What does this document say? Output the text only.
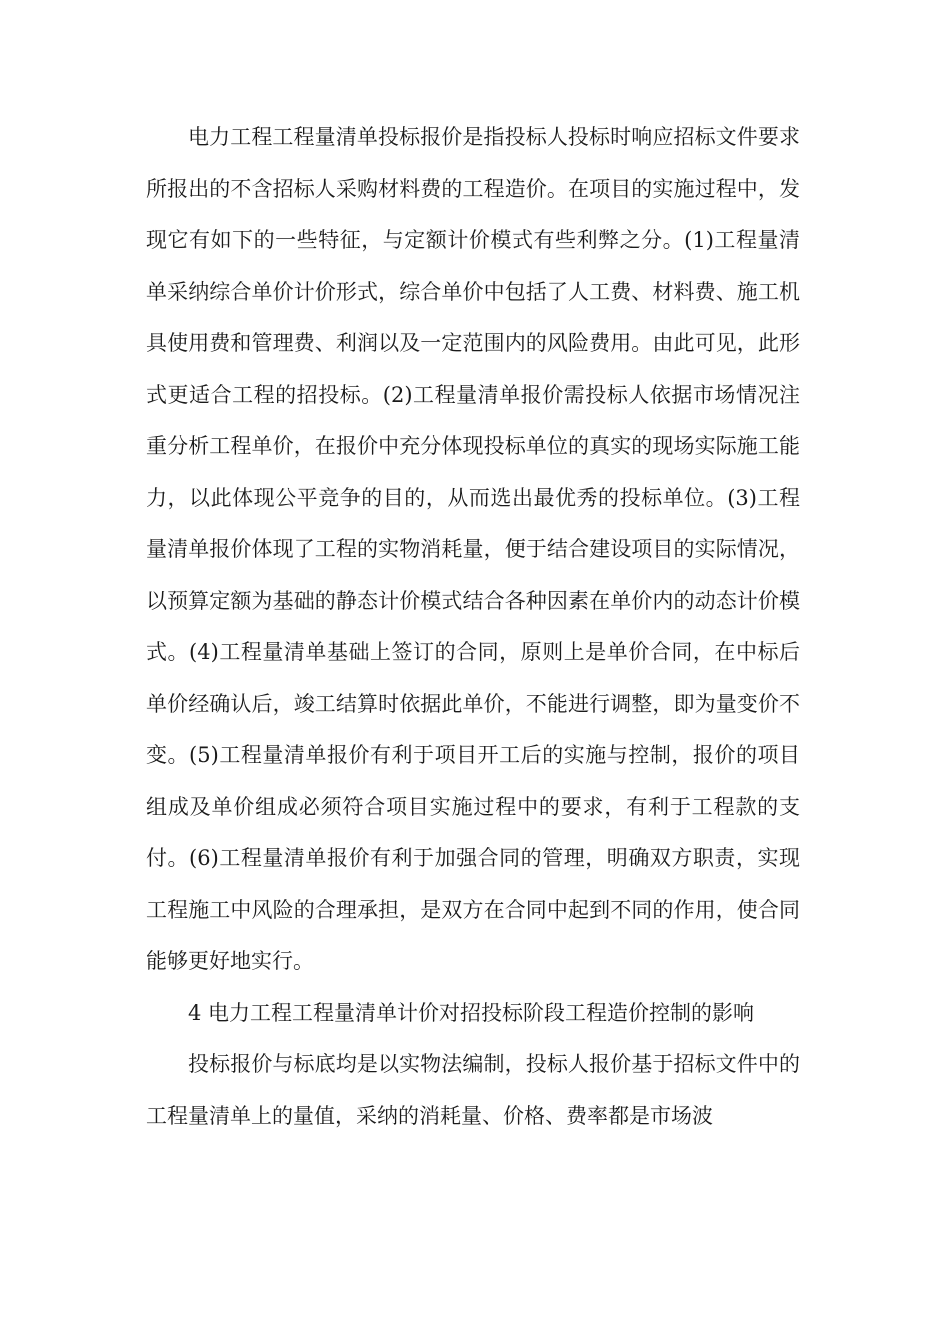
电力工程工程量清单投标报价是指投标人投标时响应招标文件要求所报出的不含招标人采购材料费的工程造价。在项目的实施过程中，发现它有如下的一些特征，与定额计价模式有些利弊之分。(1)工程量清单采纳综合单价计价形式，综合单价中包括了人工费、材料费、施工机具使用费和管理费、利润以及一定范围内的风险费用。由此可见，此形式更适合工程的招投标。(2)工程量清单报价需投标人依据市场情况注重分析工程单价，在报价中充分体现投标单位的真实的现场实际施工能力，以此体现公平竞争的目的，从而选出最优秀的投标单位。(3)工程量清单报价体现了工程的实物消耗量，便于结合建设项目的实际情况，以预算定额为基础的静态计价模式结合各种因素在单价内的动态计价模式。(4)工程量清单基础上签订的合同，原则上是单价合同，在中标后单价经确认后，竣工结算时依据此单价，不能进行调整，即为量变价不变。(5)工程量清单报价有利于项目开工后的实施与控制，报价的项目组成及单价组成必须符合项目实施过程中的要求，有利于工程款的支付。(6)工程量清单报价有利于加强合同的管理，明确双方职责，实现工程施工中风险的合理承担，是双方在合同中起到不同的作用，使合同能够更好地实行。

4 电力工程工程量清单计价对招投标阶段工程造价控制的影响

投标报价与标底均是以实物法编制，投标人报价基于招标文件中的工程量清单上的量值，采纳的消耗量、价格、费率都是市场波
